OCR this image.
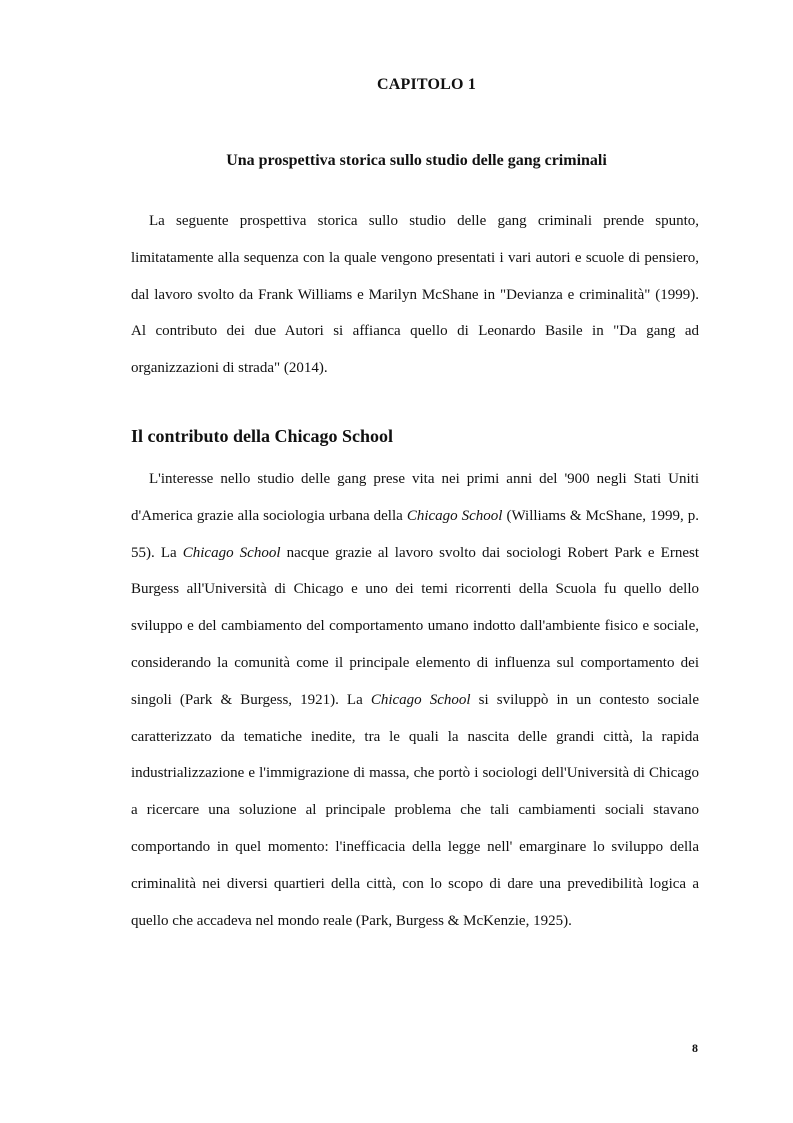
CAPITOLO 1
Una prospettiva storica sullo studio delle gang criminali

La seguente prospettiva storica sullo studio delle gang criminali prende spunto, limitatamente alla sequenza con la quale vengono presentati i vari autori e scuole di pensiero, dal lavoro svolto da Frank Williams e Marilyn McShane in "Devianza e criminalità" (1999). Al contributo dei due Autori si affianca quello di Leonardo Basile in "Da gang ad organizzazioni di strada" (2014).

Il contributo della Chicago School

L'interesse nello studio delle gang prese vita nei primi anni del '900 negli Stati Uniti d'America grazie alla sociologia urbana della Chicago School (Williams & McShane, 1999, p. 55). La Chicago School nacque grazie al lavoro svolto dai sociologi Robert Park e Ernest Burgess all'Università di Chicago e uno dei temi ricorrenti della Scuola fu quello dello sviluppo e del cambiamento del comportamento umano indotto dall'ambiente fisico e sociale, considerando la comunità come il principale elemento di influenza sul comportamento dei singoli (Park & Burgess, 1921). La Chicago School si sviluppò in un contesto sociale caratterizzato da tematiche inedite, tra le quali la nascita delle grandi città, la rapida industrializzazione e l'immigrazione di massa, che portò i sociologi dell'Università di Chicago a ricercare una soluzione al principale problema che tali cambiamenti sociali stavano comportando in quel momento: l'inefficacia della legge nell' emarginare lo sviluppo della criminalità nei diversi quartieri della città, con lo scopo di dare una prevedibilità logica a quello che accadeva nel mondo reale (Park, Burgess & McKenzie, 1925).

8
